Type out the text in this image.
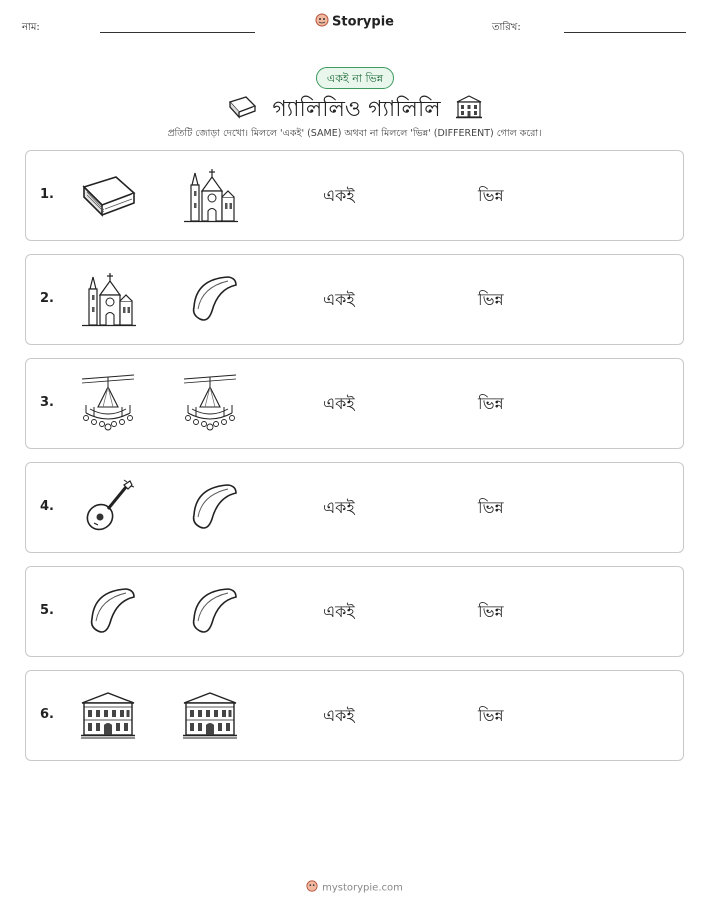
নাম:	Storypie	তারিখ:
একই না ভিন্ন
গ্যালিলিও গ্যালিলি
প্রতিটি জোড়া দেখো। মিললে 'একই' (SAME) অথবা না মিললে 'ভিন্ন' (DIFFERENT) গোল করো।
1.	একই	ভিন্ন
2.	একই	ভিন্ন
3.	একই	ভিন্ন
4.	একই	ভিন্ন
5.	একই	ভিন্ন
6.	একই	ভিন্ন
mystorypie.com
